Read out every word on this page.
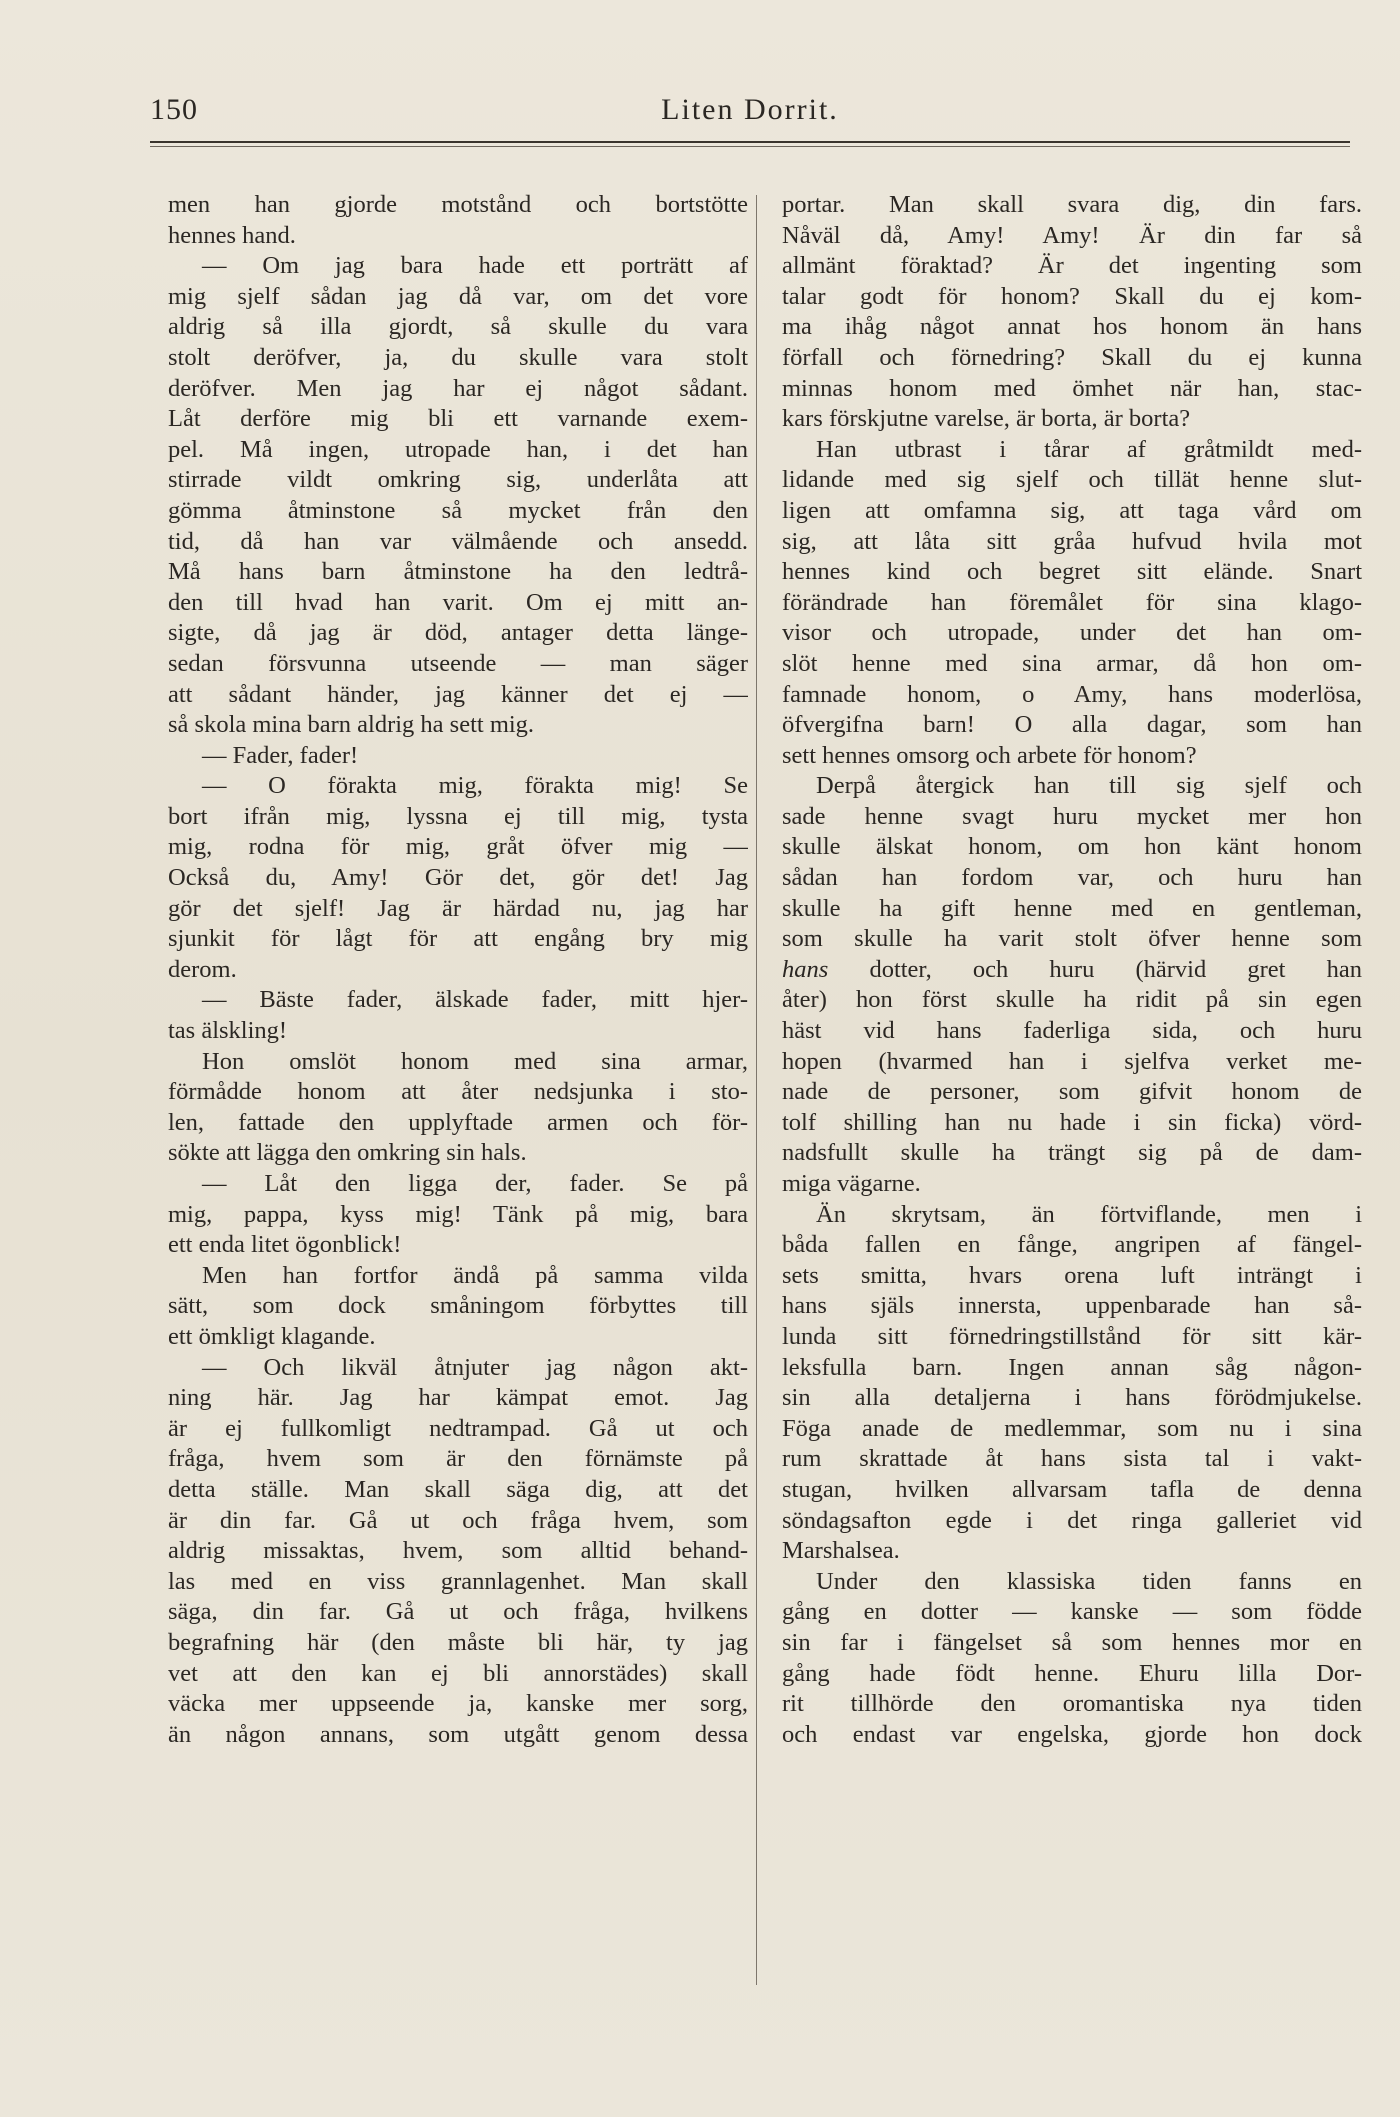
150	Liten Dorrit.
men han gjorde motstånd och bortstötte
hennes hand.
— Om jag bara hade ett porträtt af
mig sjelf sådan jag då var, om det vore
aldrig så illa gjordt, så skulle du vara
stolt deröfver, ja, du skulle vara stolt
deröfver. Men jag har ej något sådant.
Låt derföre mig bli ett varnande exem-
pel. Må ingen, utropade han, i det han
stirrade vildt omkring sig, underlåta att
gömma åtminstone så mycket från den
tid, då han var välmående och ansedd.
Må hans barn åtminstone ha den ledtrå-
den till hvad han varit. Om ej mitt an-
sigte, då jag är död, antager detta länge-
sedan försvunna utseende — man säger
att sådant händer, jag känner det ej —
så skola mina barn aldrig ha sett mig.
— Fader, fader!
— O förakta mig, förakta mig! Se
bort ifrån mig, lyssna ej till mig, tysta
mig, rodna för mig, gråt öfver mig —
Också du, Amy! Gör det, gör det! Jag
gör det sjelf! Jag är härdad nu, jag har
sjunkit för lågt för att engång bry mig
derom.
— Bäste fader, älskade fader, mitt hjer-
tas älskling!
Hon omslöt honom med sina armar,
förmådde honom att åter nedsjunka i sto-
len, fattade den upplyftade armen och för-
sökte att lägga den omkring sin hals.
— Låt den ligga der, fader. Se på
mig, pappa, kyss mig! Tänk på mig, bara
ett enda litet ögonblick!
Men han fortfor ändå på samma vilda
sätt, som dock småningom förbyttes till
ett ömkligt klagande.
— Och likväl åtnjuter jag någon akt-
ning här. Jag har kämpat emot. Jag
är ej fullkomligt nedtrampad. Gå ut och
fråga, hvem som är den förnämste på
detta ställe. Man skall säga dig, att det
är din far. Gå ut och fråga hvem, som
aldrig missaktas, hvem, som alltid behand-
las med en viss grannlagenhet. Man skall
säga, din far. Gå ut och fråga, hvilkens
begrafning här (den måste bli här, ty jag
vet att den kan ej bli annorstädes) skall
väcka mer uppseende ja, kanske mer sorg,
än någon annans, som utgått genom dessa
portar. Man skall svara dig, din fars.
Nåväl då, Amy! Amy! Är din far så
allmänt föraktad? Är det ingenting som
talar godt för honom? Skall du ej kom-
ma ihåg något annat hos honom än hans
förfall och förnedring? Skall du ej kunna
minnas honom med ömhet när han, stac-
kars förskjutne varelse, är borta, är borta?
Han utbrast i tårar af gråtmildt med-
lidande med sig sjelf och tillät henne slut-
ligen att omfamna sig, att taga vård om
sig, att låta sitt gråa hufvud hvila mot
hennes kind och begret sitt elände. Snart
förändrade han föremålet för sina klago-
visor och utropade, under det han om-
slöt henne med sina armar, då hon om-
famnade honom, o Amy, hans moderlösa,
öfvergifna barn! O alla dagar, som han
sett hennes omsorg och arbete för honom?
Derpå återgick han till sig sjelf och
sade henne svagt huru mycket mer hon
skulle älskat honom, om hon känt honom
sådan han fordom var, och huru han
skulle ha gift henne med en gentleman,
som skulle ha varit stolt öfver henne som
hans dotter, och huru (härvid gret han
åter) hon först skulle ha ridit på sin egen
häst vid hans faderliga sida, och huru
hopen (hvarmed han i sjelfva verket me-
nade de personer, som gifvit honom de
tolf shilling han nu hade i sin ficka) vörd-
nadsfullt skulle ha trängt sig på de dam-
miga vägarne.
Än skrytsam, än förtviflande, men i
båda fallen en fånge, angripen af fängel-
sets smitta, hvars orena luft inträngt i
hans själs innersta, uppenbarade han så-
lunda sitt förnedringstillstånd för sitt kär-
leksfulla barn. Ingen annan såg någon-
sin alla detaljerna i hans förödmjukelse.
Föga anade de medlemmar, som nu i sina
rum skrattade åt hans sista tal i vakt-
stugan, hvilken allvarsam tafla de denna
söndagsafton egde i det ringa galleriet vid
Marshalsea.
Under den klassiska tiden fanns en
gång en dotter — kanske — som födde
sin far i fängelset så som hennes mor en
gång hade födt henne. Ehuru lilla Dor-
rit tillhörde den oromantiska nya tiden
och endast var engelska, gjorde hon dock
